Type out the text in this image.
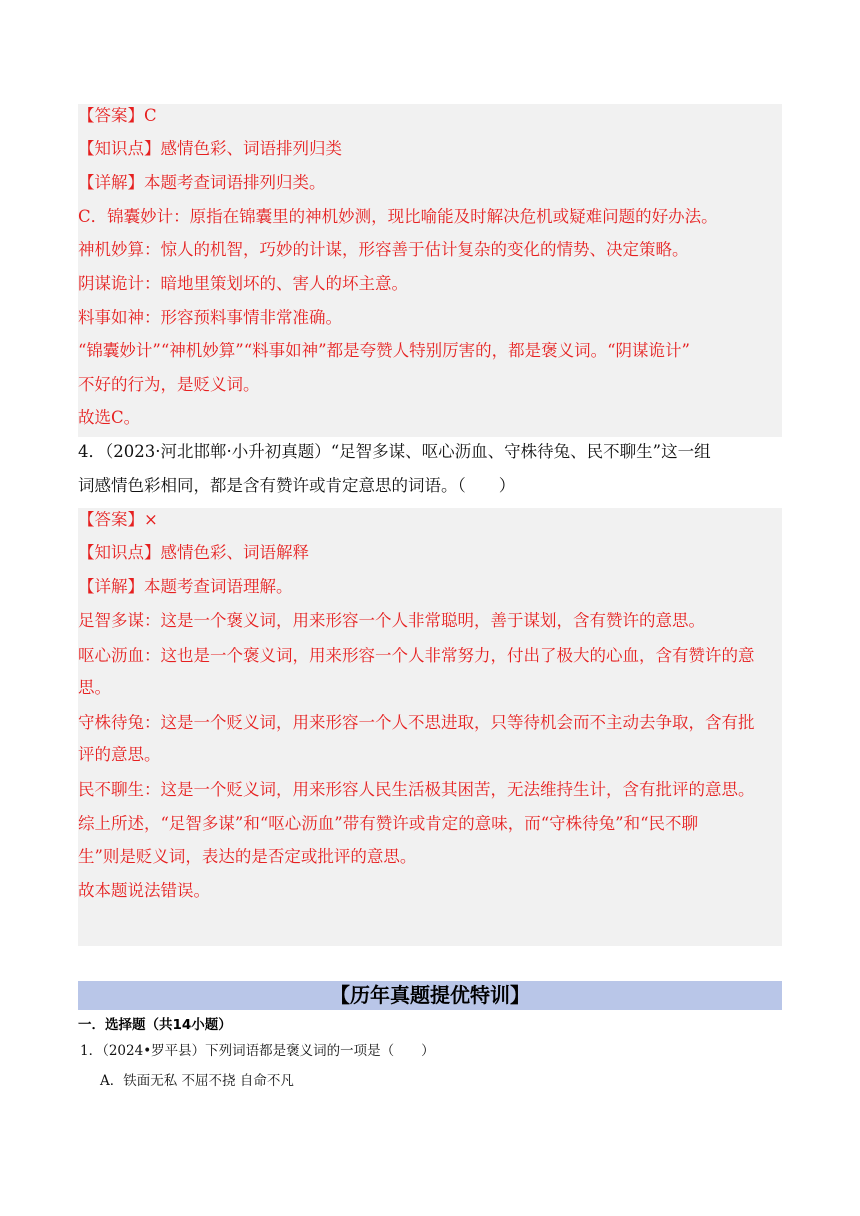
【答案】C
【知识点】感情色彩、词语排列归类
【详解】本题考查词语排列归类。
C．锦囊妙计：原指在锦囊里的神机妙测，现比喻能及时解决危机或疑难问题的好办法。
神机妙算：惊人的机智，巧妙的计谋，形容善于估计复杂的变化的情势、决定策略。
阴谋诡计：暗地里策划坏的、害人的坏主意。
料事如神：形容预料事情非常准确。
“锦囊妙计”“神机妙算”“料事如神”都是夸赞人特别厉害的，都是褒义词。“阴谋诡计”
不好的行为，是贬义词。
故选C。
4．（2023·河北邯郸·小升初真题）“足智多谋、呕心沥血、守株待兔、民不聊生”这一组
词感情色彩相同，都是含有赞许或肯定意思的词语。（　　）
【答案】×
【知识点】感情色彩、词语解释
【详解】本题考查词语理解。
足智多谋：这是一个褒义词，用来形容一个人非常聪明，善于谋划，含有赞许的意思。
呕心沥血：这也是一个褒义词，用来形容一个人非常努力，付出了极大的心血，含有赞许的意
思。
守株待兔：这是一个贬义词，用来形容一个人不思进取，只等待机会而不主动去争取，含有批
评的意思。
民不聊生：这是一个贬义词，用来形容人民生活极其困苦，无法维持生计，含有批评的意思。
综上所述，“足智多谋”和“呕心沥血”带有赞许或肯定的意味，而“守株待兔”和“民不聊
生”则是贬义词，表达的是否定或批评的意思。
故本题说法错误。
【历年真题提优特训】
一．选择题（共14小题）
1．（2024•罗平县）下列词语都是褒义词的一项是（　　）
A．铁面无私 不屈不挠 自命不凡
